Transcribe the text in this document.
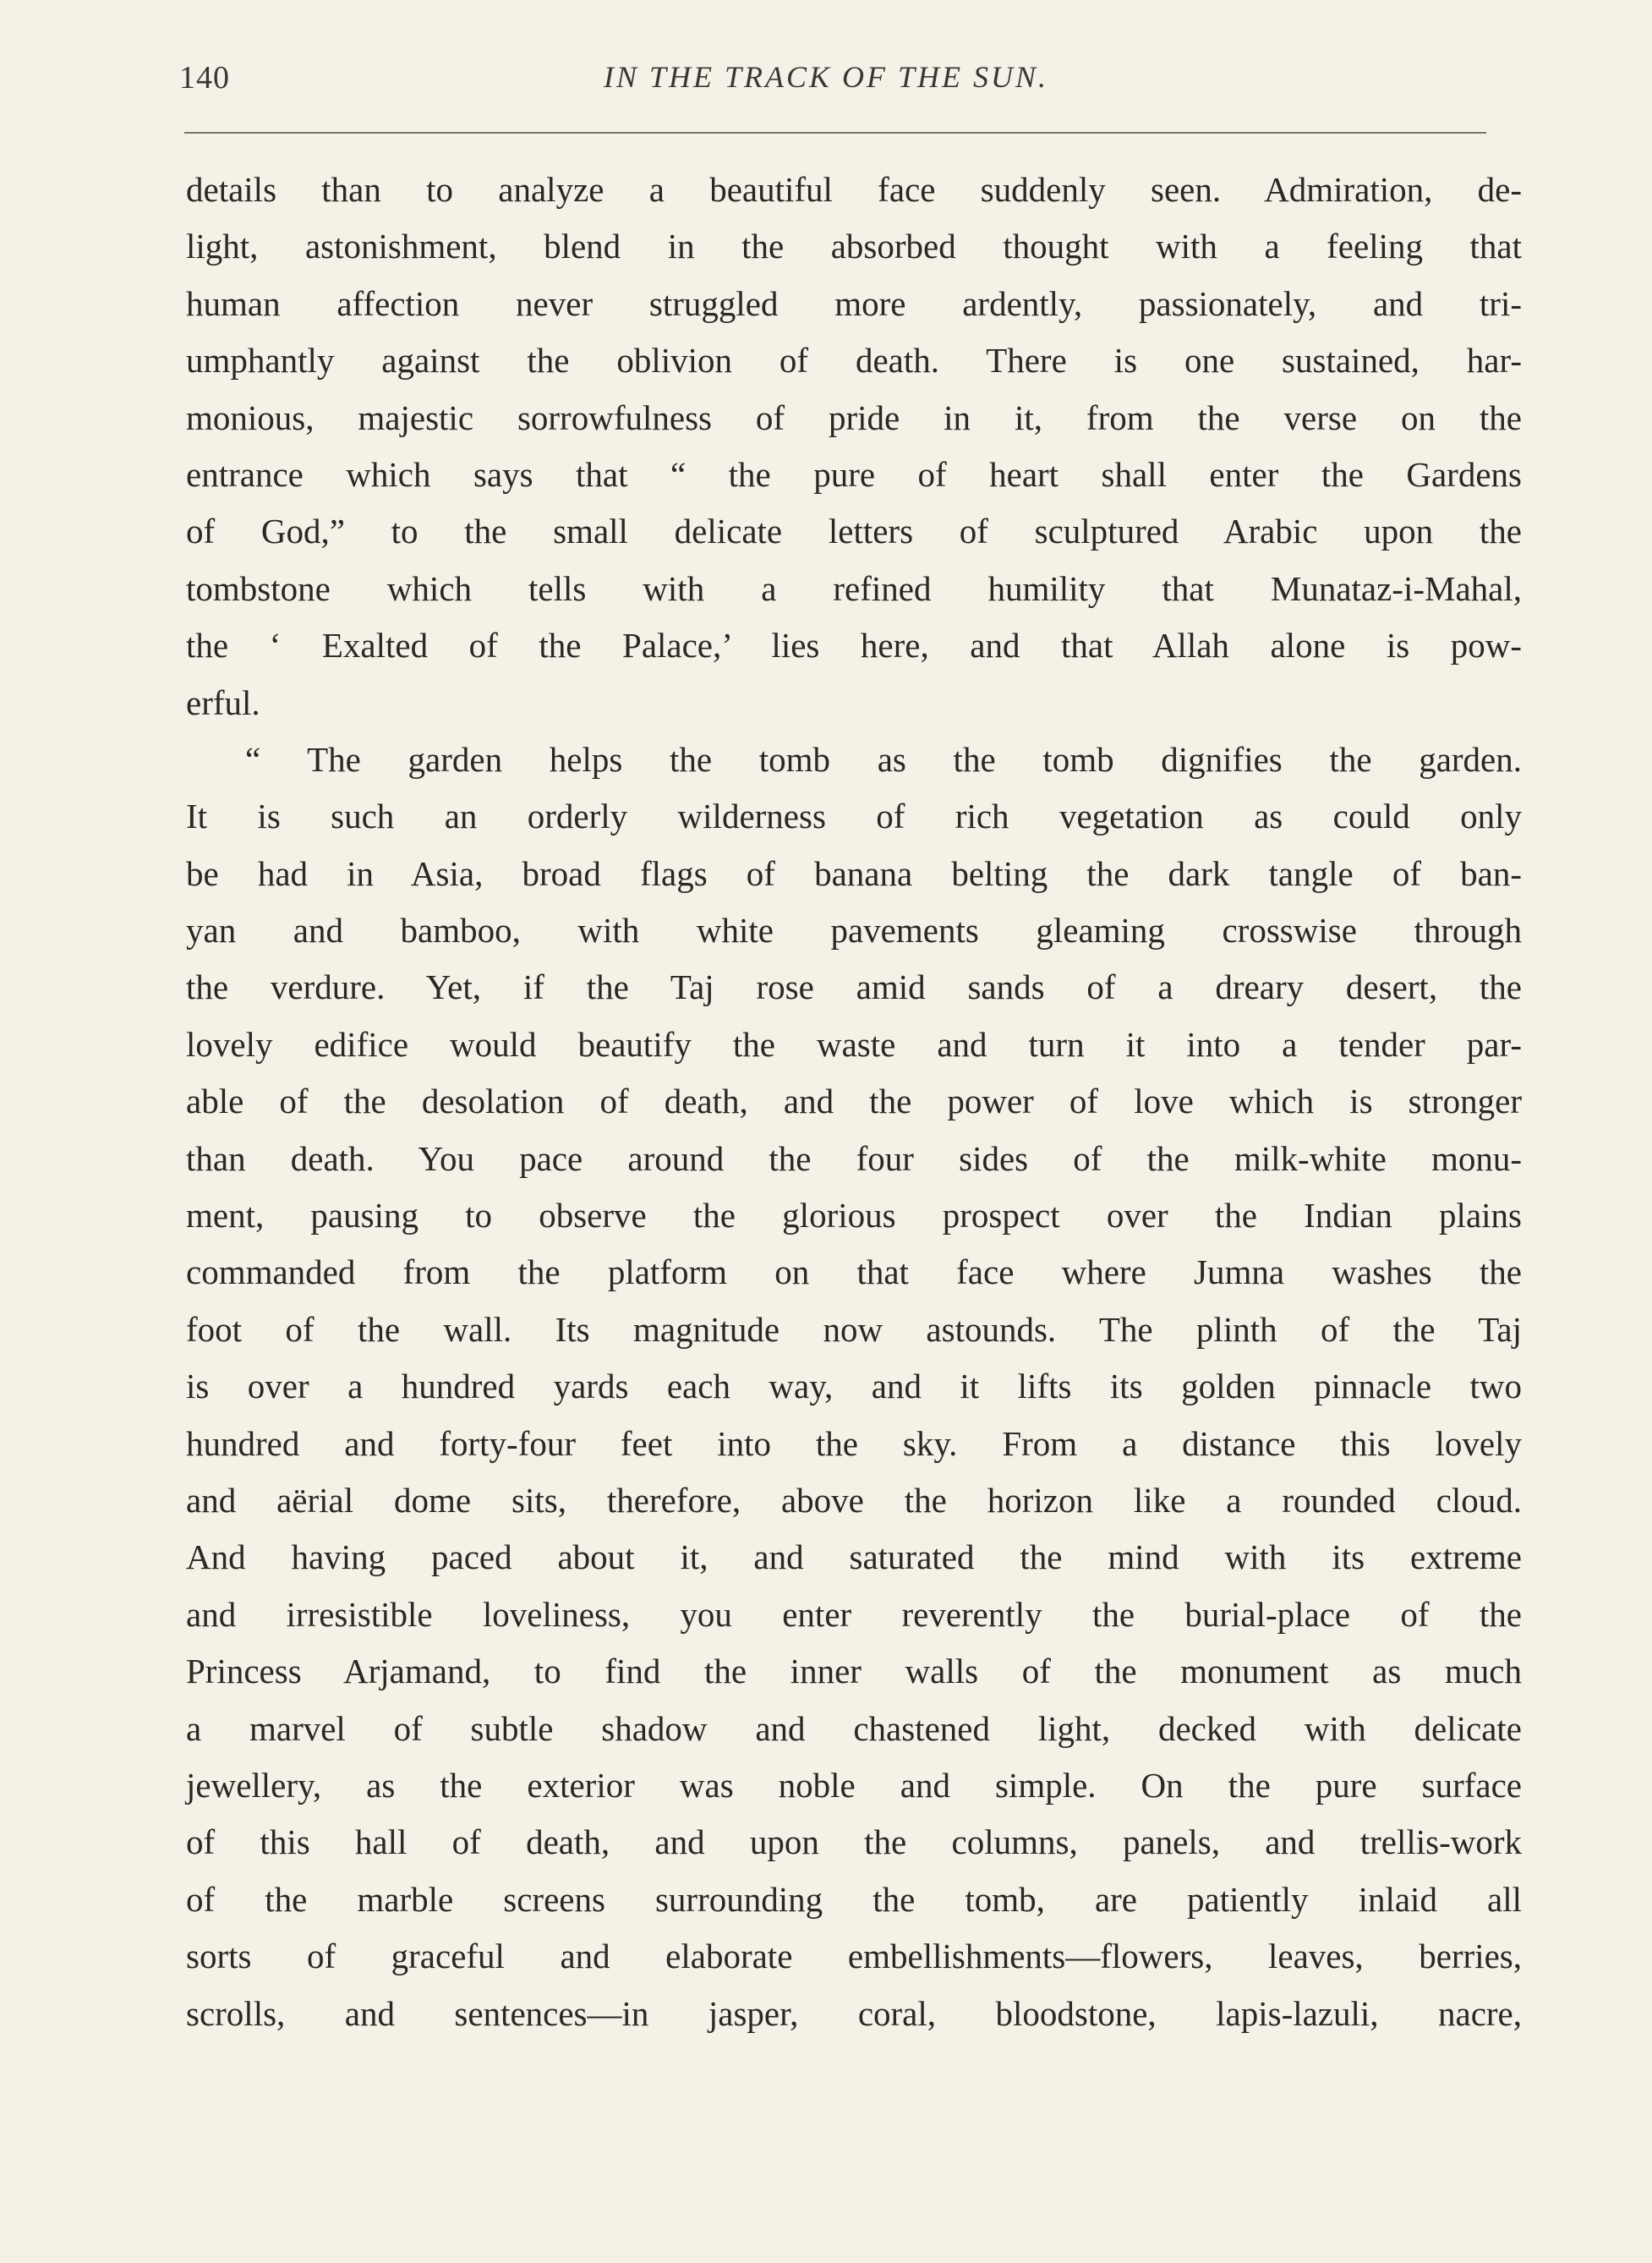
140	IN THE TRACK OF THE SUN.
details than to analyze a beautiful face suddenly seen. Admiration, de-
light, astonishment, blend in the absorbed thought with a feeling that
human affection never struggled more ardently, passionately, and tri-
umphantly against the oblivion of death. There is one sustained, har-
monious, majestic sorrowfulness of pride in it, from the verse on the
entrance which says that “ the pure of heart shall enter the Gardens
of God,” to the small delicate letters of sculptured Arabic upon the
tombstone which tells with a refined humility that Munataz-i-Mahal,
the ‘ Exalted of the Palace,’ lies here, and that Allah alone is pow-
erful.
“ The garden helps the tomb as the tomb dignifies the garden.
It is such an orderly wilderness of rich vegetation as could only
be had in Asia, broad flags of banana belting the dark tangle of ban-
yan and bamboo, with white pavements gleaming crosswise through
the verdure. Yet, if the Taj rose amid sands of a dreary desert, the
lovely edifice would beautify the waste and turn it into a tender par-
able of the desolation of death, and the power of love which is stronger
than death. You pace around the four sides of the milk-white monu-
ment, pausing to observe the glorious prospect over the Indian plains
commanded from the platform on that face where Jumna washes the
foot of the wall. Its magnitude now astounds. The plinth of the Taj
is over a hundred yards each way, and it lifts its golden pinnacle two
hundred and forty-four feet into the sky. From a distance this lovely
and aërial dome sits, therefore, above the horizon like a rounded cloud.
And having paced about it, and saturated the mind with its extreme
and irresistible loveliness, you enter reverently the burial-place of the
Princess Arjamand, to find the inner walls of the monument as much
a marvel of subtle shadow and chastened light, decked with delicate
jewellery, as the exterior was noble and simple. On the pure surface
of this hall of death, and upon the columns, panels, and trellis-work
of the marble screens surrounding the tomb, are patiently inlaid all
sorts of graceful and elaborate embellishments—flowers, leaves, berries,
scrolls, and sentences—in jasper, coral, bloodstone, lapis-lazuli, nacre,
